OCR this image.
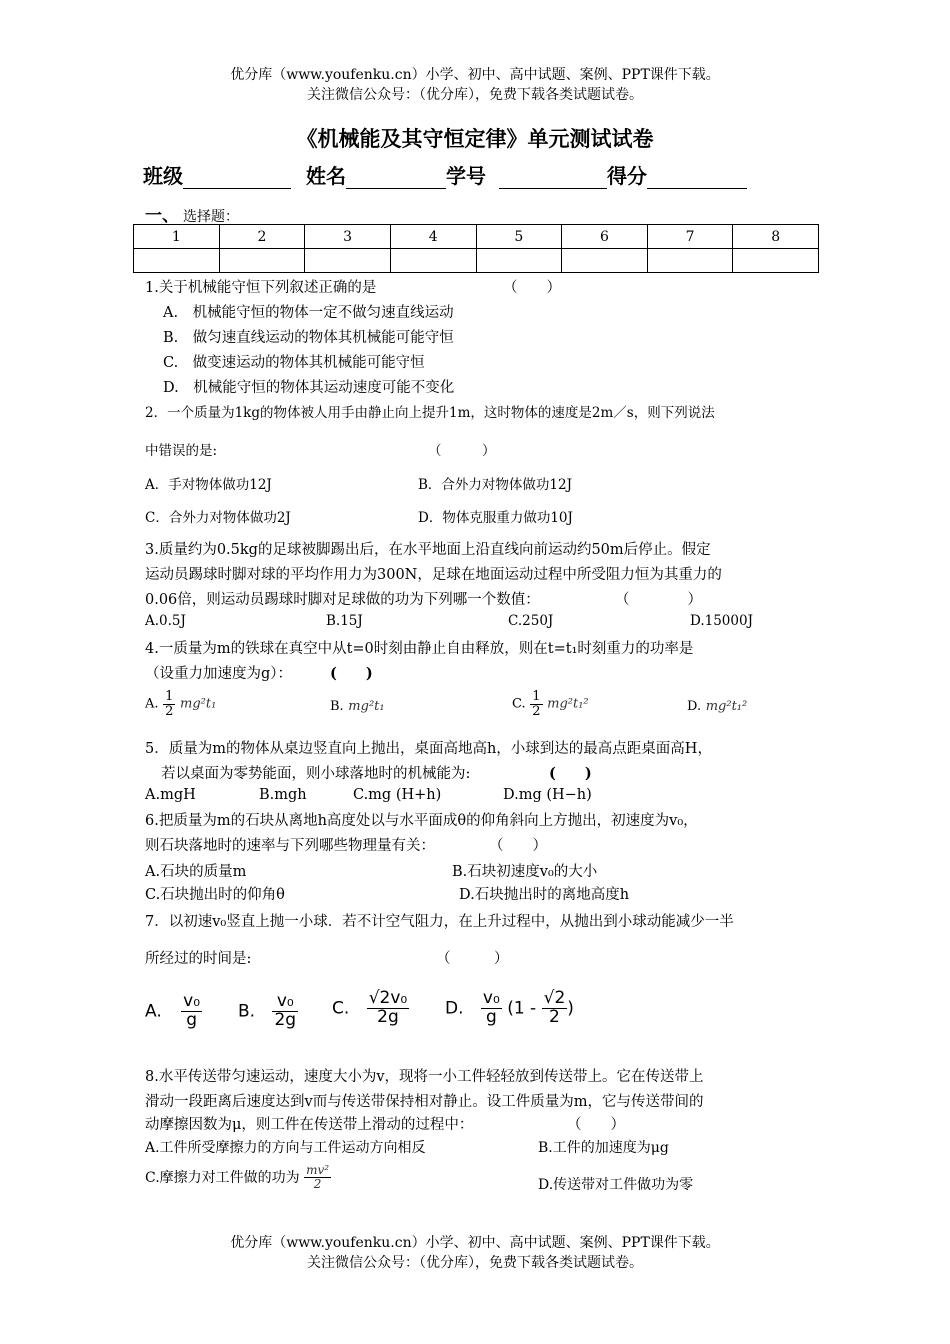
优分库（www.youfenku.cn）小学、初中、高中试题、案例、PPT课件下载。
关注微信公众号：（优分库），免费下载各类试题试卷。
《机械能及其守恒定律》单元测试试卷
班级	姓名	学号	得分
一、 选择题：
1	2	3	4	5	6	7	8

1.关于机械能守恒下列叙述正确的是	（　　）
A.　机械能守恒的物体一定不做匀速直线运动
B.　做匀速直线运动的物体其机械能可能守恒
C.　做变速运动的物体其机械能可能守恒
D.　机械能守恒的物体其运动速度可能不变化
2．一个质量为1kg的物体被人用手由静止向上提升1m，这时物体的速度是2m／s，则下列说法
中错误的是:	（　　　）
A．手对物体做功12J	B．合外力对物体做功12J
C．合外力对物体做功2J	D．物体克服重力做功10J
3.质量约为0.5kg的足球被脚踢出后，在水平地面上沿直线向前运动约50m后停止。假定
运动员踢球时脚对球的平均作用力为300N，足球在地面运动过程中所受阻力恒为其重力的
0.06倍，则运动员踢球时脚对足球做的功为下列哪一个数值：	（　　　　）
A.0.5J	B.15J	C.250J	D.15000J
4.一质量为m的铁球在真空中从t=0时刻由静止自由释放，则在t=t₁时刻重力的功率是
（设重力加速度为g）：	(　　)
A. $\frac{1}{2} mg^2t_1$	B. mg²t₁	C. $\frac{1}{2} mg^2t_1^2$	D. mg²t₁²
5．质量为m的物体从桌边竖直向上抛出，桌面高地高h，小球到达的最高点距桌面高H，
若以桌面为零势能面，则小球落地时的机械能为:	(　　)
A.mgH	B.mgh	C.mg (H+h)	D.mg (H−h)
6.把质量为m的石块从离地h高度处以与水平面成θ的仰角斜向上方抛出，初速度为v₀，
则石块落地时的速率与下列哪些物理量有关：	（　　）
A.石块的质量m	B.石块初速度v₀的大小
C.石块抛出时的仰角θ	D.石块抛出时的离地高度h
7．以初速v₀竖直上抛一小球．若不计空气阻力，在上升过程中，从抛出到小球动能减少一半
所经过的时间是:	（　　　）
A. $\frac{\text{v₀}}{g} B$. $\frac{\text{v₀}}{2g} C$. $\frac{\text{√2v₀}}{2g} D$. $\frac{\text{v₀}}{g} (1 - \frac{√2}{2}$ )
8.水平传送带匀速运动，速度大小为v，现将一小工件轻轻放到传送带上。它在传送带上
滑动一段距离后速度达到v而与传送带保持相对静止。设工件质量为m，它与传送带间的
动摩擦因数为μ，则工件在传送带上滑动的过程中：	（　　）
A.工件所受摩擦力的方向与工件运动方向相反	B.工件的加速度为μg
C.摩擦力对工件做的功为 $\frac{\text{mv²}}{2}$	D.传送带对工件做功为零
优分库（www.youfenku.cn）小学、初中、高中试题、案例、PPT课件下载。
关注微信公众号：（优分库），免费下载各类试题试卷。
